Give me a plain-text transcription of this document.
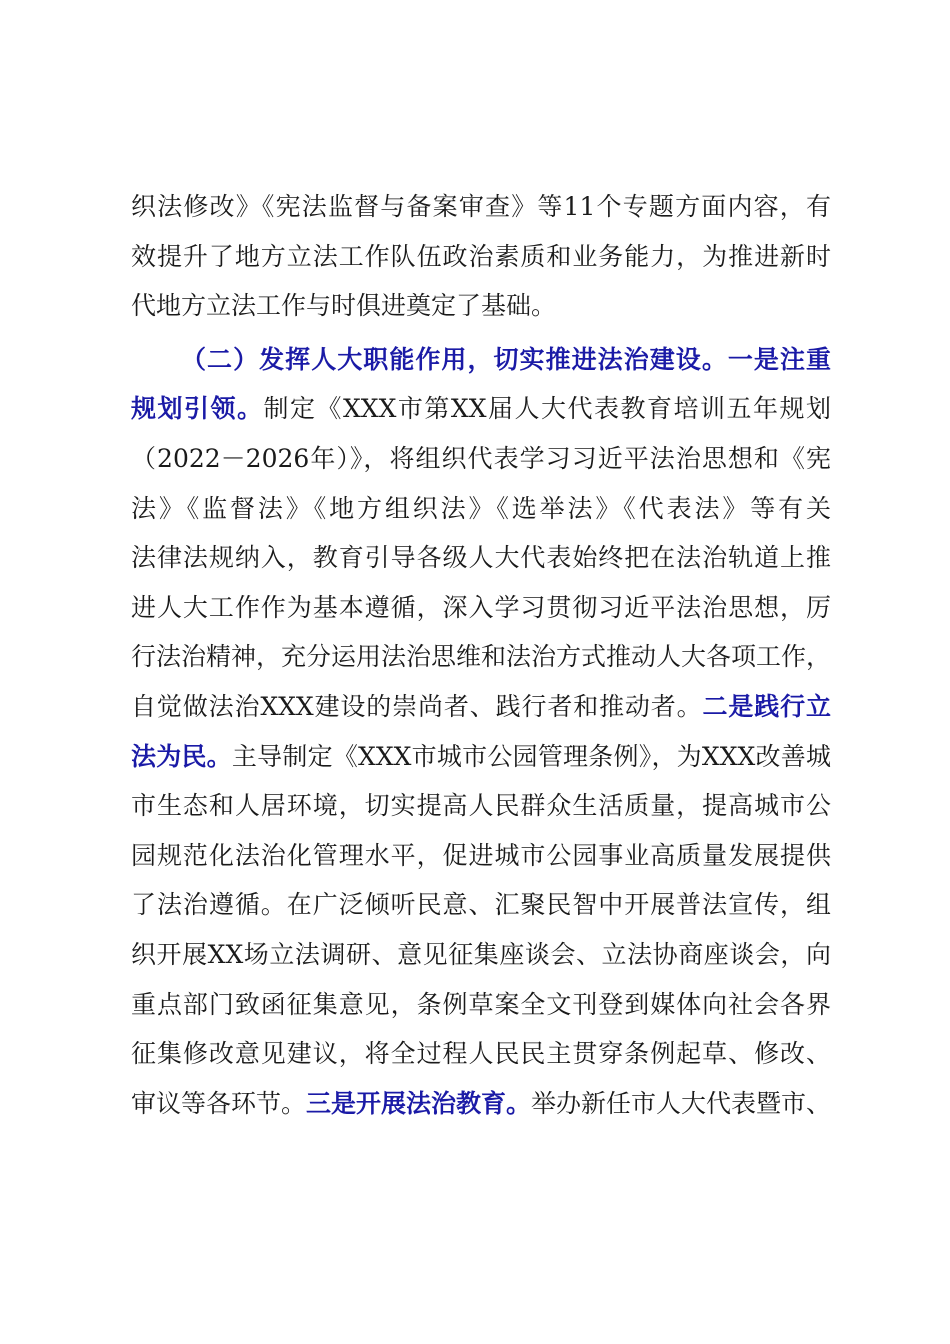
织法修改》《宪法监督与备案审查》等11个专题方面内容，有
效提升了地方立法工作队伍政治素质和业务能力，为推进新时
代地方立法工作与时俱进奠定了基础。
（二）发挥人大职能作用，切实推进法治建设。一是注重
规划引领。制定《XXX市第XX届人大代表教育培训五年规划
（2022－2026年）》，将组织代表学习习近平法治思想和《宪
法》《监督法》《地方组织法》《选举法》《代表法》等有关
法律法规纳入，教育引导各级人大代表始终把在法治轨道上推
进人大工作作为基本遵循，深入学习贯彻习近平法治思想，厉
行法治精神，充分运用法治思维和法治方式推动人大各项工作，
自觉做法治XXX建设的崇尚者、践行者和推动者。二是践行立
法为民。主导制定《XXX市城市公园管理条例》，为XXX改善城
市生态和人居环境，切实提高人民群众生活质量，提高城市公
园规范化法治化管理水平，促进城市公园事业高质量发展提供
了法治遵循。在广泛倾听民意、汇聚民智中开展普法宣传，组
织开展XX场立法调研、意见征集座谈会、立法协商座谈会，向
重点部门致函征集意见，条例草案全文刊登到媒体向社会各界
征集修改意见建议，将全过程人民民主贯穿条例起草、修改、
审议等各环节。三是开展法治教育。举办新任市人大代表暨市、
